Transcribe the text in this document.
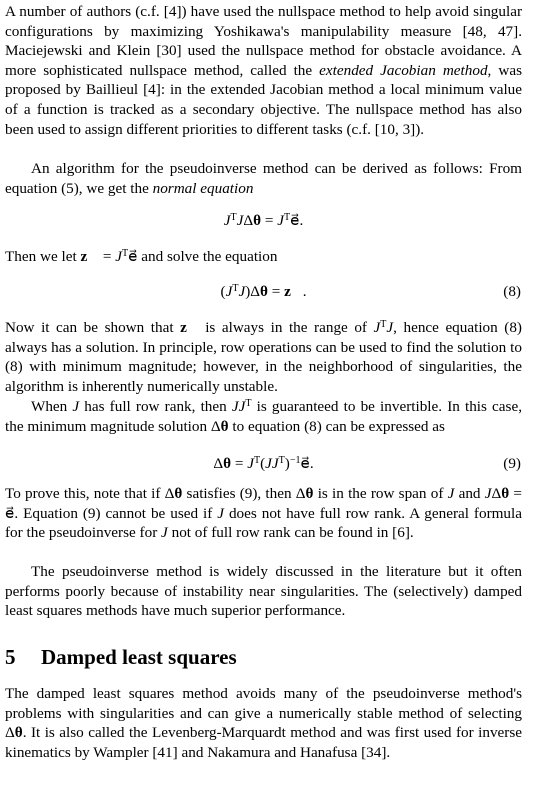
A number of authors (c.f. [4]) have used the nullspace method to help avoid singular configurations by maximizing Yoshikawa's manipulability measure [48, 47]. Maciejewski and Klein [30] used the nullspace method for obstacle avoidance. A more sophisticated nullspace method, called the extended Jacobian method, was proposed by Baillieul [4]: in the extended Jacobian method a local minimum value of a function is tracked as a secondary objective. The nullspace method has also been used to assign different priorities to different tasks (c.f. [10, 3]).

An algorithm for the pseudoinverse method can be derived as follows: From equation (5), we get the normal equation

$J^TJ\Delta\theta$ = $J^Te⃗$.

Then we let z⃗ = $J^Te⃗$ and solve the equation

$(J^TJ)\Delta\theta$ = z⃗.	(8)

Now it can be shown that z⃗ is always in the range of $J^TJ$, hence equation (8) always has a solution. In principle, row operations can be used to find the solution to (8) with minimum magnitude; however, in the neighborhood of singularities, the algorithm is inherently numerically unstable.

When J has full row rank, then $JJ^T$ is guaranteed to be invertible. In this case, the minimum magnitude solution Δθ to equation (8) can be expressed as

$\Delta\theta = J^T(JJ^T)^{-1}e⃗$.	(9)

To prove this, note that if Δθ satisfies (9), then Δθ is in the row span of J and JΔθ = e⃗. Equation (9) cannot be used if J does not have full row rank. A general formula for the pseudoinverse for J not of full row rank can be found in [6].

The pseudoinverse method is widely discussed in the literature but it often performs poorly because of instability near singularities. The (selectively) damped least squares methods have much superior performance.

5 Damped least squares

The damped least squares method avoids many of the pseudoinverse method's problems with singularities and can give a numerically stable method of selecting Δθ. It is also called the Levenberg-Marquardt method and was first used for inverse kinematics by Wampler [41] and Nakamura and Hanafusa [34].
